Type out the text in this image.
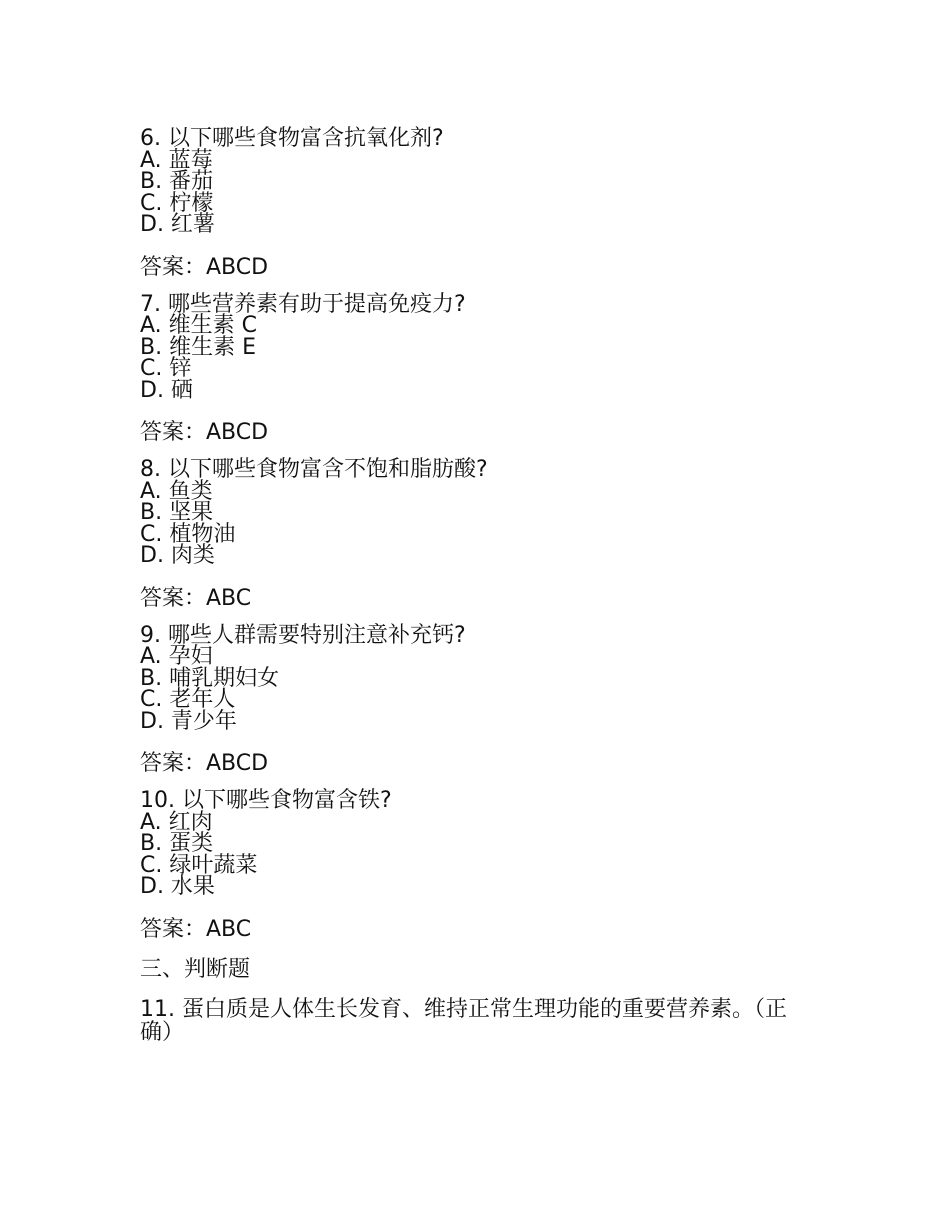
6. 以下哪些食物富含抗氧化剂?
A. 蓝莓
B. 番茄
C. 柠檬
D. 红薯
答案：ABCD
7. 哪些营养素有助于提高免疫力?
A. 维生素 C
B. 维生素 E
C. 锌
D. 硒
答案：ABCD
8. 以下哪些食物富含不饱和脂肪酸?
A. 鱼类
B. 坚果
C. 植物油
D. 肉类
答案：ABC
9. 哪些人群需要特别注意补充钙?
A. 孕妇
B. 哺乳期妇女
C. 老年人
D. 青少年
答案：ABCD
10. 以下哪些食物富含铁?
A. 红肉
B. 蛋类
C. 绿叶蔬菜
D. 水果
答案：ABC
三、判断题
11. 蛋白质是人体生长发育、维持正常生理功能的重要营养素。（正确）
